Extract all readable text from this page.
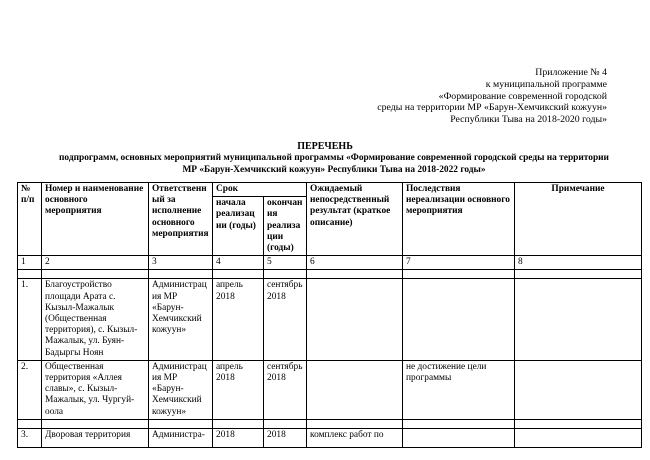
Приложение № 4
к муниципальной программе
«Формирование современной городской
среды на территории МР «Барун-Хемчикский кожуун»
Республики Тыва на 2018-2020 годы»
ПЕРЕЧЕНЬ
подпрограмм, основных мероприятий муниципальной программы «Формирование современной городской среды на территории
МР «Барун-Хемчикский кожуун» Республики Тыва на 2018-2022 годы»
№ п/п	Номер и наименование основного мероприятия	Ответственный за исполнение основного мероприятия	Срок		Ожидаемый непосредственный результат (краткое описание)	Последствия нереализации основного мероприятия	Примечание
			начала реализации (годы)	окончания реализации (годы)			
1	2	3	4	5	6	7	8

1.	Благоустройство площади Арата с. Кызыл-Мажалык (Общественная территория), с. Кызыл-Мажалык, ул. Буян-Бадыргы Ноян	Администрация МР «Барун-Хемчикский кожуун»	апрель 2018	сентябрь 2018			
2.	Общественная территория «Аллея славы», с. Кызыл-Мажалык, ул. Чургуй-оола	Администрация МР «Барун-Хемчикский кожуун»	апрель 2018	сентябрь 2018		не достижение цели программы	

3.	Дворовая территория	Администра-	2018	2018	комплекс работ по		
